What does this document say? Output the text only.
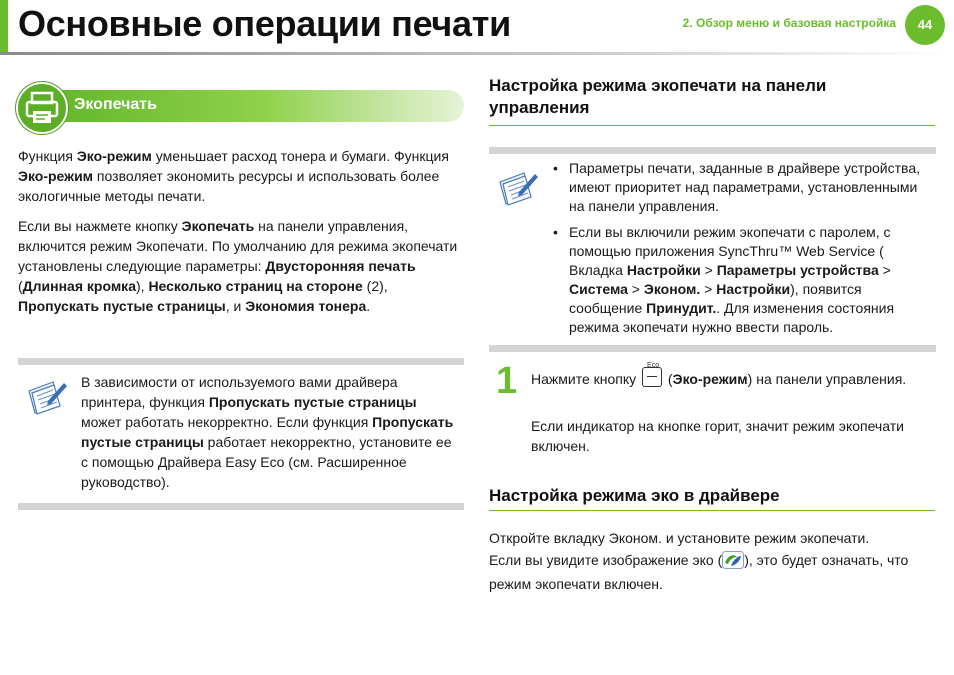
Основные операции печати	2. Обзор меню и базовая настройка	44
Экопечать

Функция Эко-режим уменьшает расход тонера и бумаги. Функция Эко-режим позволяет экономить ресурсы и использовать более экологичные методы печати.

Если вы нажмете кнопку Экопечать на панели управления, включится режим Экопечати. По умолчанию для режима экопечати установлены следующие параметры: Двусторонняя печать (Длинная кромка), Несколько страниц на стороне (2), Пропускать пустые страницы, и Экономия тонера.

В зависимости от используемого вами драйвера принтера, функция Пропускать пустые страницы может работать некорректно. Если функция Пропускать пустые страницы работает некорректно, установите ее с помощью Драйвера Easy Eco (см. Расширенное руководство).

Настройка режима экопечати на панели управления
• Параметры печати, заданные в драйвере устройства, имеют приоритет над параметрами, установленными на панели управления.
• Если вы включили режим экопечати с паролем, с помощью приложения SyncThru™ Web Service ( Вкладка Настройки > Параметры устройства > Система > Эконом. > Настройки), появится сообщение Принудит.. Для изменения состояния режима экопечати нужно ввести пароль.
1 Нажмите кнопку
Eco
(Эко-режим) на панели управления.

Если индикатор на кнопке горит, значит режим экопечати включен.

Настройка режима эко в драйвере

Откройте вкладку Эконом. и установите режим экопечати.

Если вы увидите изображение эко ( ), это будет означать, что режим экопечати включен.
